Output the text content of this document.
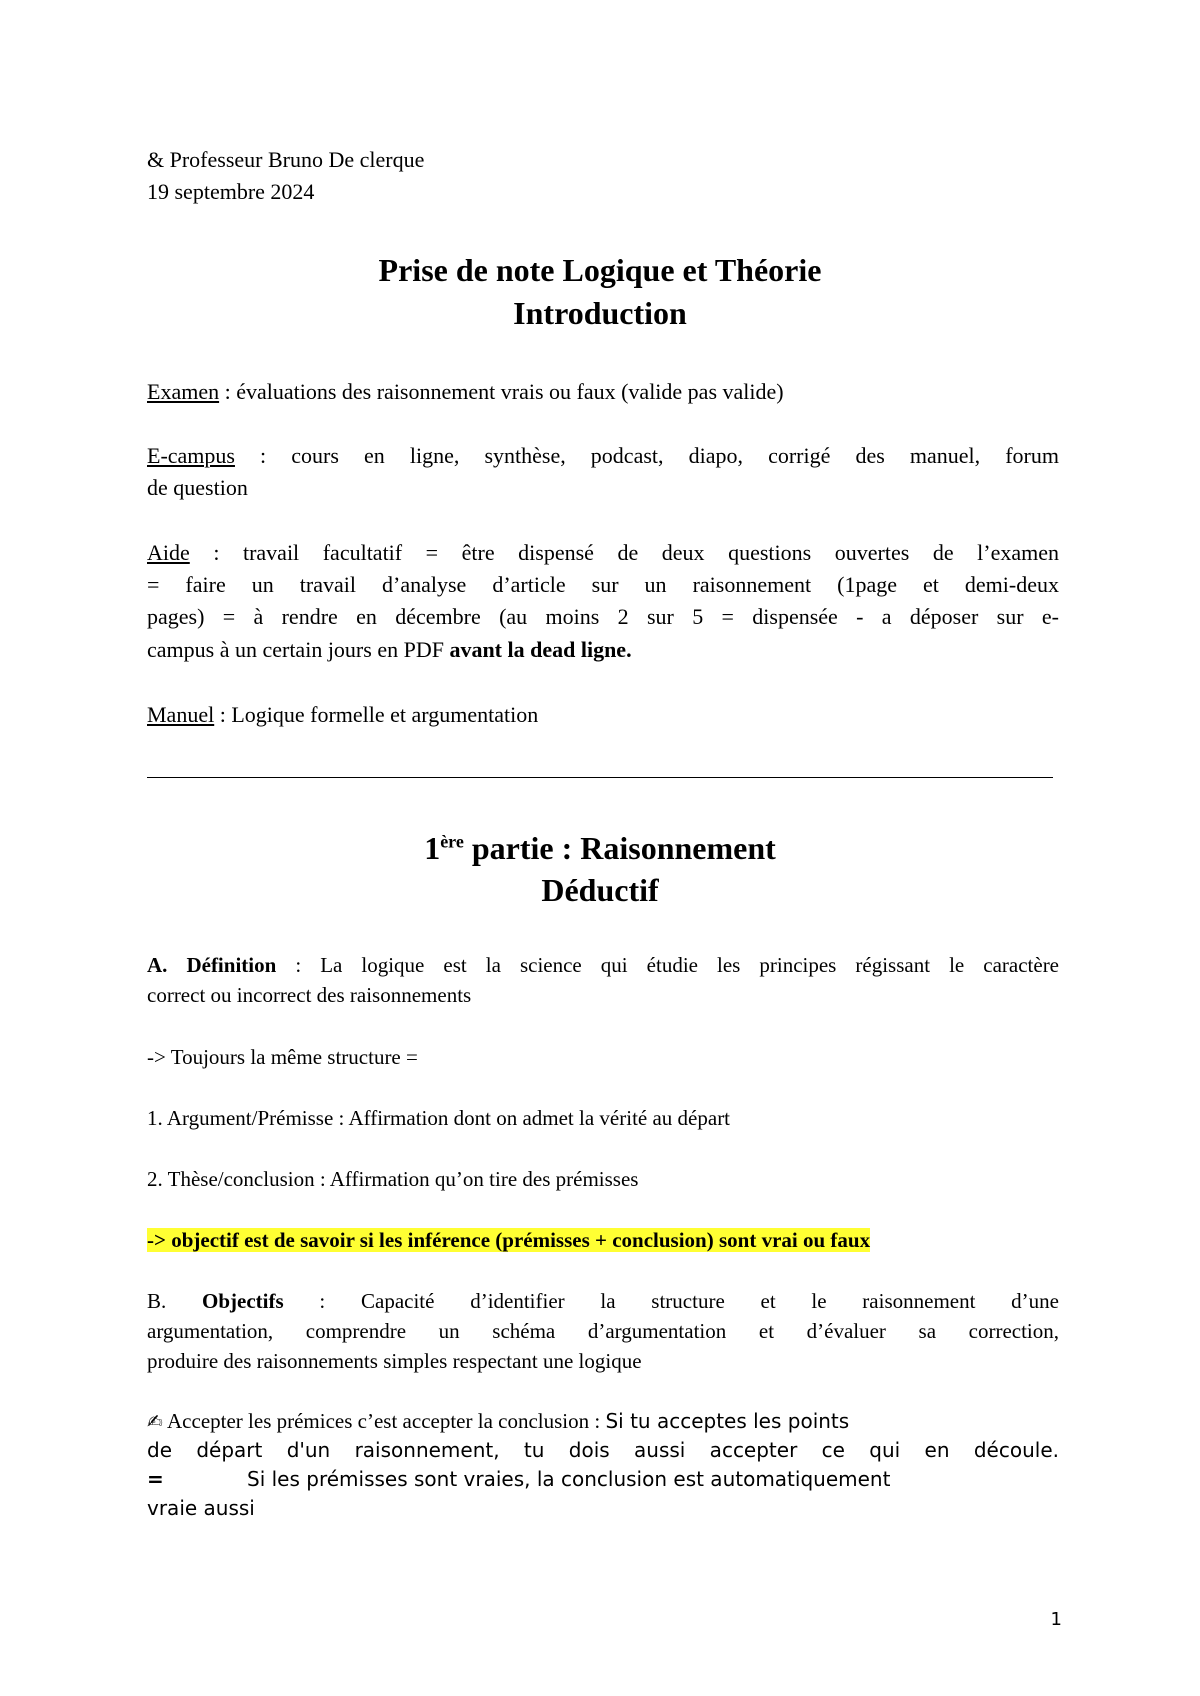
& Professeur Bruno De clerque
19 septembre 2024
Prise de note Logique et Théorie
Introduction
Examen : évaluations des raisonnement vrais ou faux (valide pas valide)
E-campus : cours en ligne, synthèse, podcast, diapo, corrigé des manuel, forum
de question
Aide : travail facultatif = être dispensé de deux questions ouvertes de l’examen
= faire un travail d’analyse d’article sur un raisonnement (1page et demi-deux
pages) = à rendre en décembre (au moins 2 sur 5 = dispensée - a déposer sur e-
campus à un certain jours en PDF avant la dead ligne.
Manuel : Logique formelle et argumentation
1ère partie : Raisonnement
Déductif
A. Définition : La logique est la science qui étudie les principes régissant le caractère
correct ou incorrect des raisonnements
-> Toujours la même structure =
1. Argument/Prémisse : Affirmation dont on admet la vérité au départ
2. Thèse/conclusion : Affirmation qu’on tire des prémisses
-> objectif est de savoir si les inférence (prémisses + conclusion) sont vrai ou faux
B. Objectifs : Capacité d’identifier la structure et le raisonnement d’une
argumentation, comprendre un schéma d’argumentation et d’évaluer sa correction,
produire des raisonnements simples respectant une logique
✍ Accepter les prémices c’est accepter la conclusion : Si tu acceptes les points
de départ d'un raisonnement, tu dois aussi accepter ce qui en découle.
=	Si les prémisses sont vraies, la conclusion est automatiquement
vraie aussi
1
